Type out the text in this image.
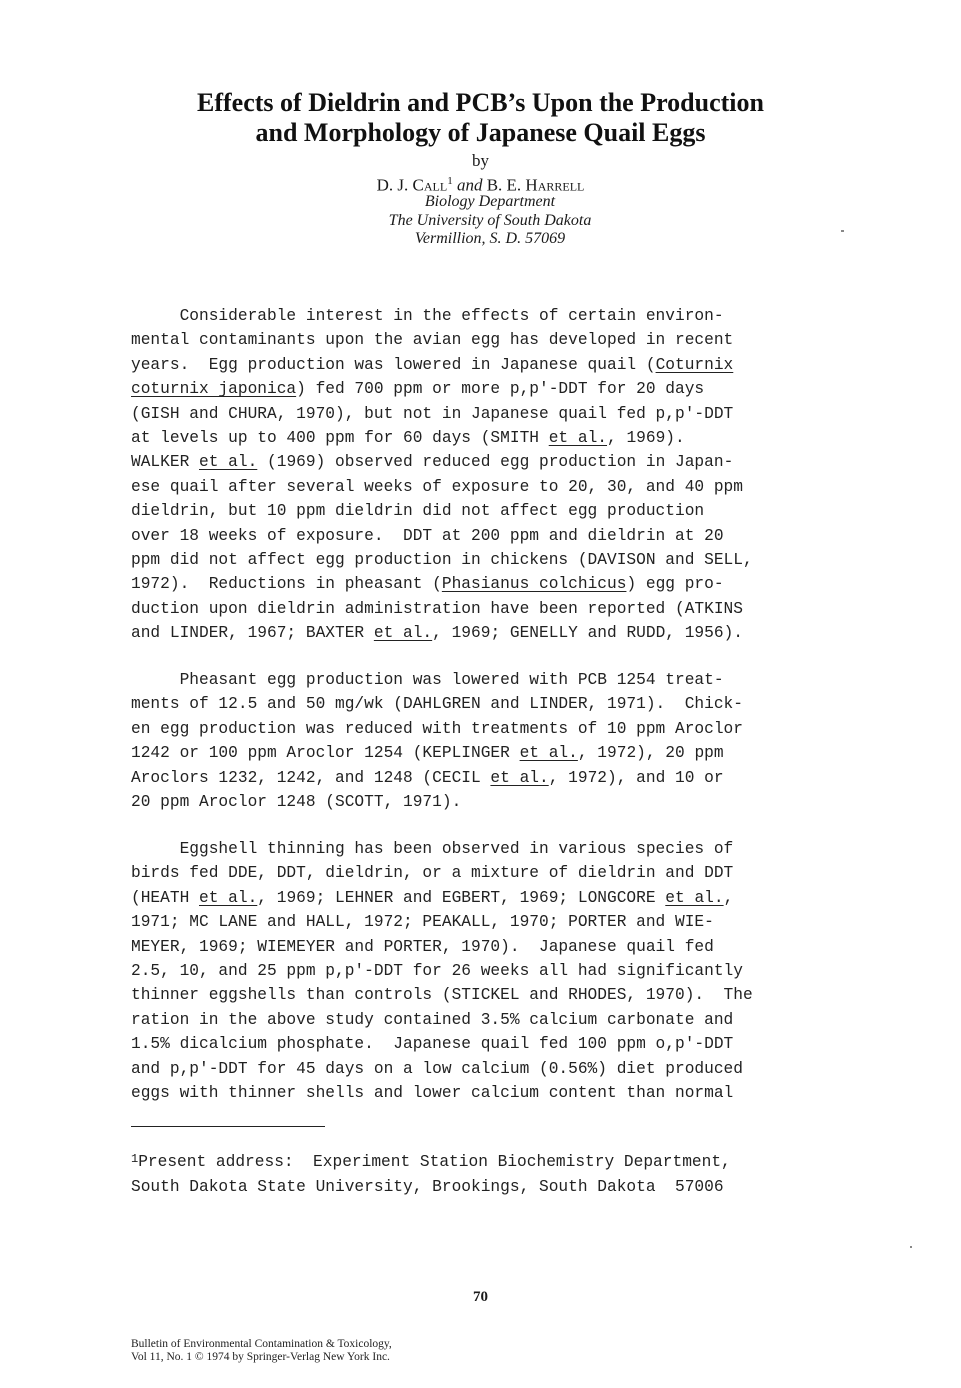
Effects of Dieldrin and PCB’s Upon the Production
and Morphology of Japanese Quail Eggs
by
D. J. Call$^1$ and B. E. Harrell
Biology Department
The University of South Dakota
Vermillion, S. D. 57069
Considerable interest in the effects of certain environ-
mental contaminants upon the avian egg has developed in recent
years.  Egg production was lowered in Japanese quail (Coturnix
coturnix japonica) fed 700 ppm or more p,p'-DDT for 20 days
(GISH and CHURA, 1970), but not in Japanese quail fed p,p'-DDT
at levels up to 400 ppm for 60 days (SMITH et al., 1969).
WALKER et al. (1969) observed reduced egg production in Japan-
ese quail after several weeks of exposure to 20, 30, and 40 ppm
dieldrin, but 10 ppm dieldrin did not affect egg production
over 18 weeks of exposure.  DDT at 200 ppm and dieldrin at 20
ppm did not affect egg production in chickens (DAVISON and SELL,
1972).  Reductions in pheasant (Phasianus colchicus) egg pro-
duction upon dieldrin administration have been reported (ATKINS
and LINDER, 1967; BAXTER et al., 1969; GENELLY and RUDD, 1956).
Pheasant egg production was lowered with PCB 1254 treat-
ments of 12.5 and 50 mg/wk (DAHLGREN and LINDER, 1971).  Chick-
en egg production was reduced with treatments of 10 ppm Aroclor
1242 or 100 ppm Aroclor 1254 (KEPLINGER et al., 1972), 20 ppm
Aroclors 1232, 1242, and 1248 (CECIL et al., 1972), and 10 or
20 ppm Aroclor 1248 (SCOTT, 1971).
Eggshell thinning has been observed in various species of
birds fed DDE, DDT, dieldrin, or a mixture of dieldrin and DDT
(HEATH et al., 1969; LEHNER and EGBERT, 1969; LONGCORE et al.,
1971; MC LANE and HALL, 1972; PEAKALL, 1970; PORTER and WIE-
MEYER, 1969; WIEMEYER and PORTER, 1970).  Japanese quail fed
2.5, 10, and 25 ppm p,p'-DDT for 26 weeks all had significantly
thinner eggshells than controls (STICKEL and RHODES, 1970).  The
ration in the above study contained 3.5% calcium carbonate and
1.5% dicalcium phosphate.  Japanese quail fed 100 ppm o,p'-DDT
and p,p'-DDT for 45 days on a low calcium (0.56%) diet produced
eggs with thinner shells and lower calcium content than normal
$^1$Present address:  Experiment Station Biochemistry Department,
South Dakota State University, Brookings, South Dakota  57006
70
Bulletin of Environmental Contamination & Toxicology,
Vol 11, No. 1 © 1974 by Springer-Verlag New York Inc.
